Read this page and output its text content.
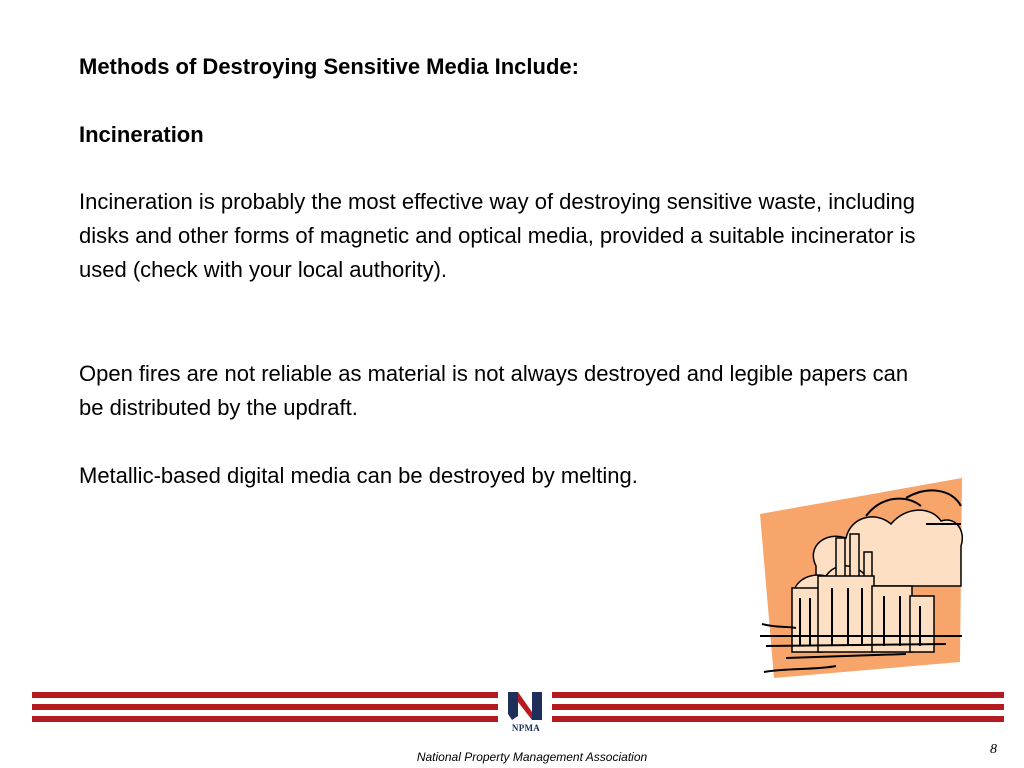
Methods of Destroying Sensitive Media Include:

Incineration

Incineration is probably the most effective way of destroying sensitive waste, including disks and other forms of magnetic and optical media, provided a suitable incinerator is used (check with your local authority).

Open fires are not reliable as material is not always destroyed and legible papers can be distributed by the updraft.

Metallic-based digital media can be destroyed by melting.

NPMA
National Property Management Association	8
